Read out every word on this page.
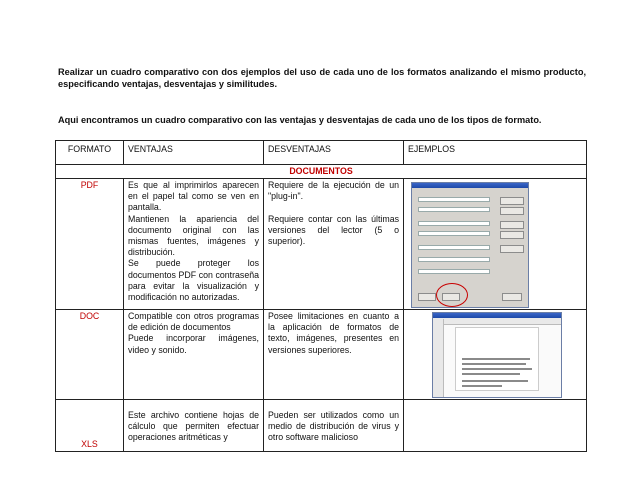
Realizar un cuadro comparativo con dos ejemplos del uso de cada uno de los formatos analizando el mismo producto, especificando ventajas, desventajas y similitudes.
Aqui encontramos un cuadro comparativo con las ventajas y desventajas de cada uno de los tipos de formato.
FORMATO	VENTAJAS	DESVENTAJAS	EJEMPLOS
DOCUMENTOS			
PDF	Es que al imprimirlos aparecen en el papel tal como se ven en pantalla.
Mantienen la apariencia del documento original con las mismas fuentes, imágenes y distribución.
Se puede proteger los documentos PDF con contraseña para evitar la visualización y modificación no autorizadas.	Requiere de la ejecución de un "plug-in".

Requiere contar con las últimas versiones del lector (5 o superior).	

DOC	Compatible con otros programas de edición de documentos
Puede incorporar imágenes, video y sonido.	Posee limitaciones en cuanto a la aplicación de formatos de texto, imágenes, presentes en versiones superiores.	

XLS	Este archivo contiene hojas de cálculo que permiten efectuar operaciones aritméticas y	Pueden ser utilizados como un medio de distribución de virus y otro software malicioso	
